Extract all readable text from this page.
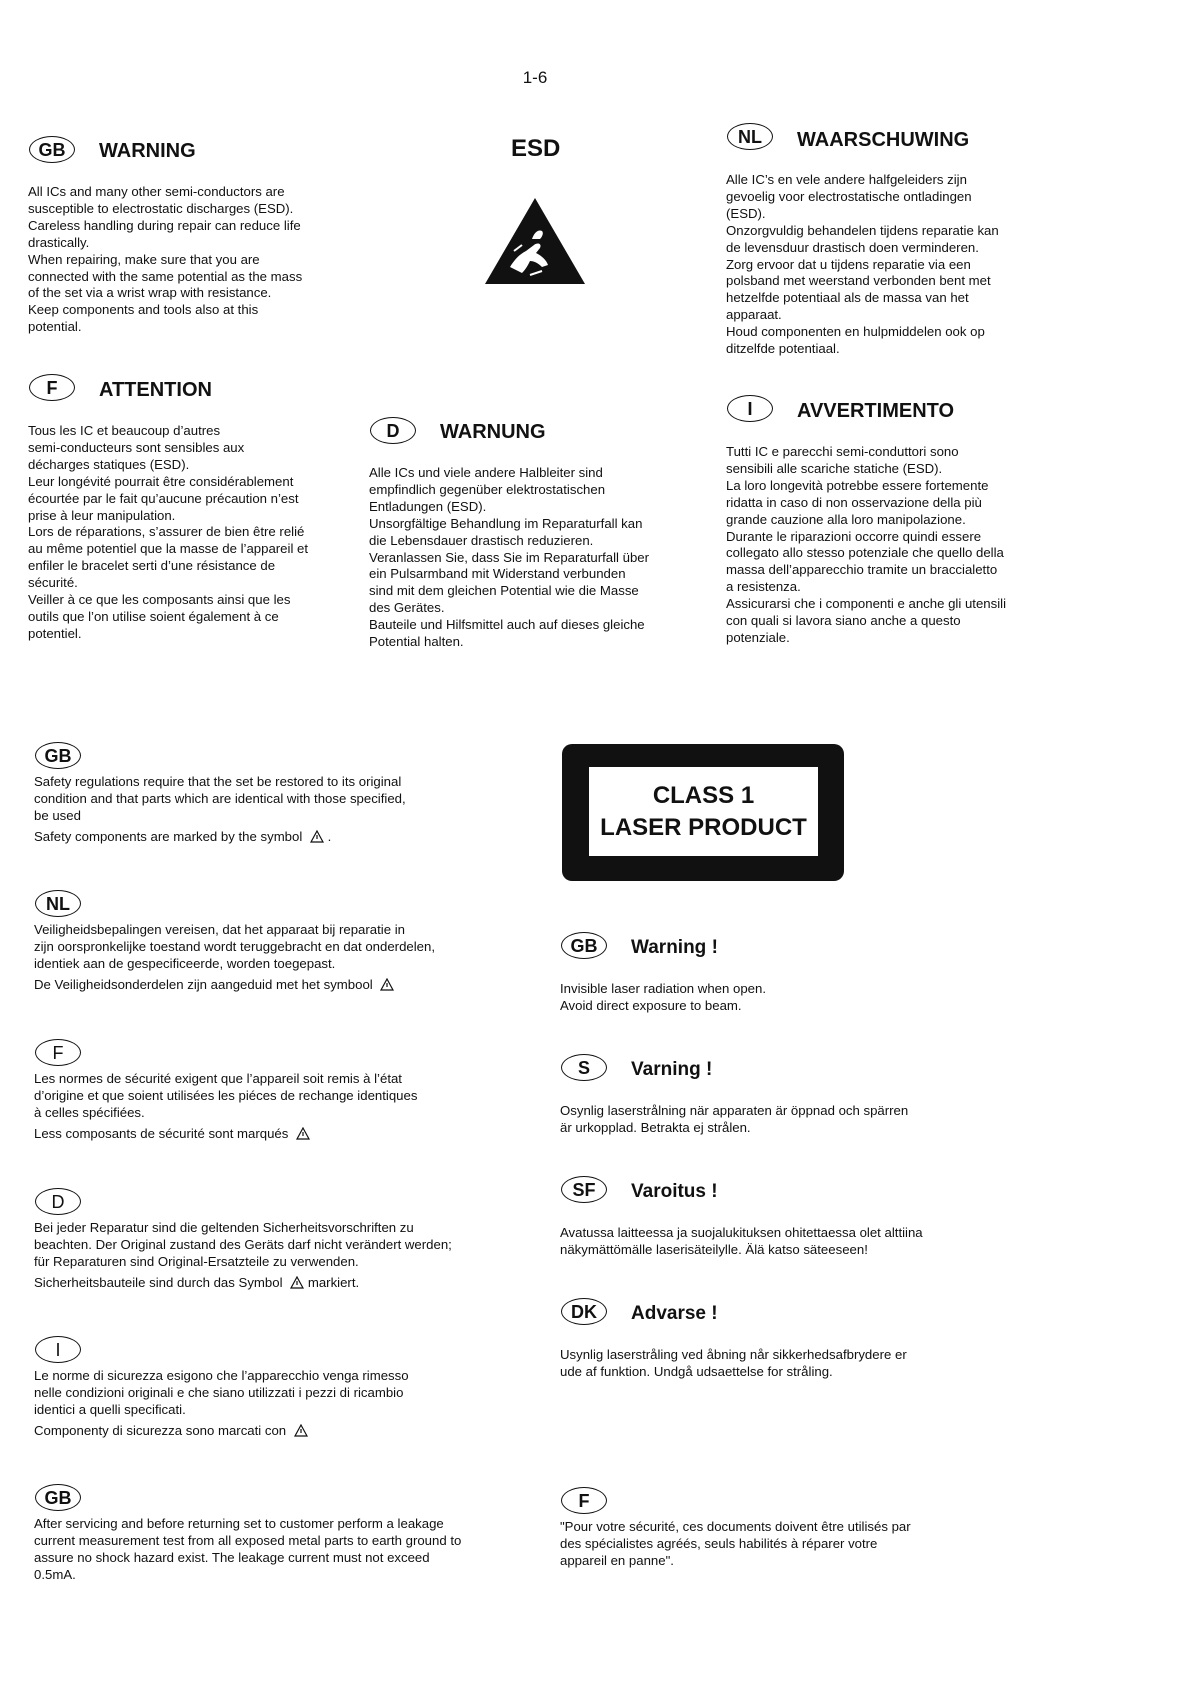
1-6
GB	WARNING
All ICs and many other semi-conductors are
susceptible to electrostatic discharges (ESD).
Careless handling during repair can reduce life
drastically.
When repairing, make sure that you are
connected with the same potential as the mass
of the set via a wrist wrap with resistance.
Keep components and tools also at this
potential.
F	ATTENTION
Tous les IC et beaucoup d’autres
semi-conducteurs sont sensibles aux
décharges statiques (ESD).
Leur longévité pourrait être considérablement
écourtée par le fait qu’aucune précaution n’est
prise à leur manipulation.
Lors de réparations, s’assurer de bien être relié
au même potentiel que la masse de l’appareil et
enfiler le bracelet serti d’une résistance de
sécurité.
Veiller à ce que les composants ainsi que les
outils que l’on utilise soient également à ce
potentiel.
ESD
D	WARNUNG
Alle ICs und viele andere Halbleiter sind
empfindlich gegenüber elektrostatischen
Entladungen (ESD).
Unsorgfältige Behandlung im Reparaturfall kan
die Lebensdauer drastisch reduzieren.
Veranlassen Sie, dass Sie im Reparaturfall über
ein Pulsarmband mit Widerstand verbunden
sind mit dem gleichen Potential wie die Masse
des Gerätes.
Bauteile und Hilfsmittel auch auf dieses gleiche
Potential halten.
NL	WAARSCHUWING
Alle IC’s en vele andere halfgeleiders zijn
gevoelig voor electrostatische ontladingen
(ESD).
Onzorgvuldig behandelen tijdens reparatie kan
de levensduur drastisch doen verminderen.
Zorg ervoor dat u tijdens reparatie via een
polsband met weerstand verbonden bent met
hetzelfde potentiaal als de massa van het
apparaat.
Houd componenten en hulpmiddelen ook op
ditzelfde potentiaal.
I	AVVERTIMENTO
Tutti IC e parecchi semi-conduttori sono
sensibili alle scariche statiche (ESD).
La loro longevità potrebbe essere fortemente
ridatta in caso di non osservazione della più
grande cauzione alla loro manipolazione.
Durante le riparazioni occorre quindi essere
collegato allo stesso potenziale che quello della
massa dell’apparecchio tramite un braccialetto
a resistenza.
Assicurarsi che i componenti e anche gli utensili
con quali si lavora siano anche a questo
potenziale.
GB
Safety regulations require that the set be restored to its original
condition and that parts which are identical with those specified,
be used
Safety components are marked by the symbol .
NL
Veiligheidsbepalingen vereisen, dat het apparaat bij reparatie in
zijn oorspronkelijke toestand wordt teruggebracht en dat onderdelen,
identiek aan de gespecificeerde, worden toegepast.
De Veiligheidsonderdelen zijn aangeduid met het symbool
F
Les normes de sécurité exigent que l’appareil soit remis à l’état
d’origine et que soient utilisées les piéces de rechange identiques
à celles spécifiées.
Less composants de sécurité sont marqués
D
Bei jeder Reparatur sind die geltenden Sicherheitsvorschriften zu
beachten. Der Original zustand des Geräts darf nicht verändert werden;
für Reparaturen sind Original-Ersatzteile zu verwenden.
Sicherheitsbauteile sind durch das Symbol markiert.
I
Le norme di sicurezza esigono che l’apparecchio venga rimesso
nelle condizioni originali e che siano utilizzati i pezzi di ricambio
identici a quelli specificati.
Componenty di sicurezza sono marcati con
GB
After servicing and before returning set to customer perform a leakage
current measurement test from all exposed metal parts to earth ground to
assure no shock hazard exist. The leakage current must not exceed
0.5mA.
CLASS 1
LASER PRODUCT
GB	Warning !
Invisible laser radiation when open.
Avoid direct exposure to beam.
S	Varning !
Osynlig laserstrålning när apparaten är öppnad och spärren
är urkopplad. Betrakta ej strålen.
SF	Varoitus !
Avatussa laitteessa ja suojalukituksen ohitettaessa olet alttiina
näkymättömälle laserisäteilylle. Älä katso säteeseen!
DK	Advarse !
Usynlig laserstråling ved åbning når sikkerhedsafbrydere er
ude af funktion. Undgå udsaettelse for stråling.
F
"Pour votre sécurité, ces documents doivent être utilisés par
des spécialistes agréés, seuls habilités à réparer votre
appareil en panne".
